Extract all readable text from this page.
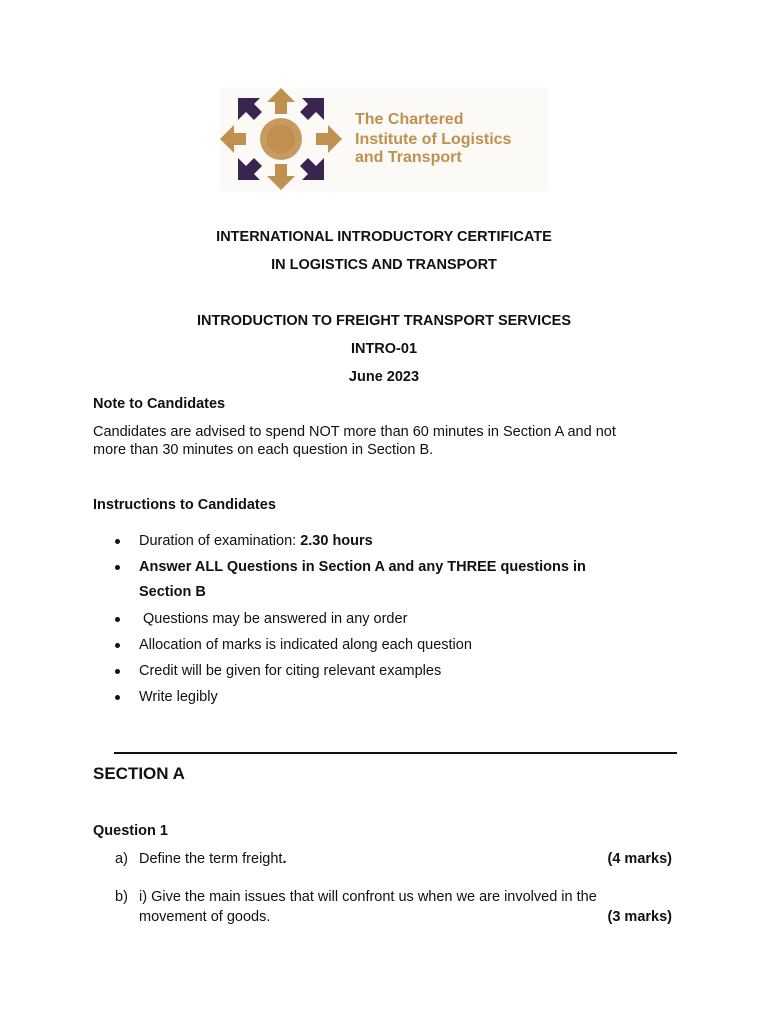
The Chartered
Institute of Logistics
and Transport
INTERNATIONAL INTRODUCTORY CERTIFICATE
IN LOGISTICS AND TRANSPORT
INTRODUCTION TO FREIGHT TRANSPORT SERVICES
INTRO-01
June 2023
Note to Candidates
Candidates are advised to spend NOT more than 60 minutes in Section A and not
more than 30 minutes on each question in Section B.
Instructions to Candidates
Duration of examination: 2.30 hours
Answer ALL Questions in Section A and any THREE questions in
Section B
Questions may be answered in any order
Allocation of marks is indicated along each question
Credit will be given for citing relevant examples
Write legibly
SECTION A
Question 1
a) Define the term freight.	(4 marks)
b) i) Give the main issues that will confront us when we are involved in the
movement of goods.	(3 marks)
